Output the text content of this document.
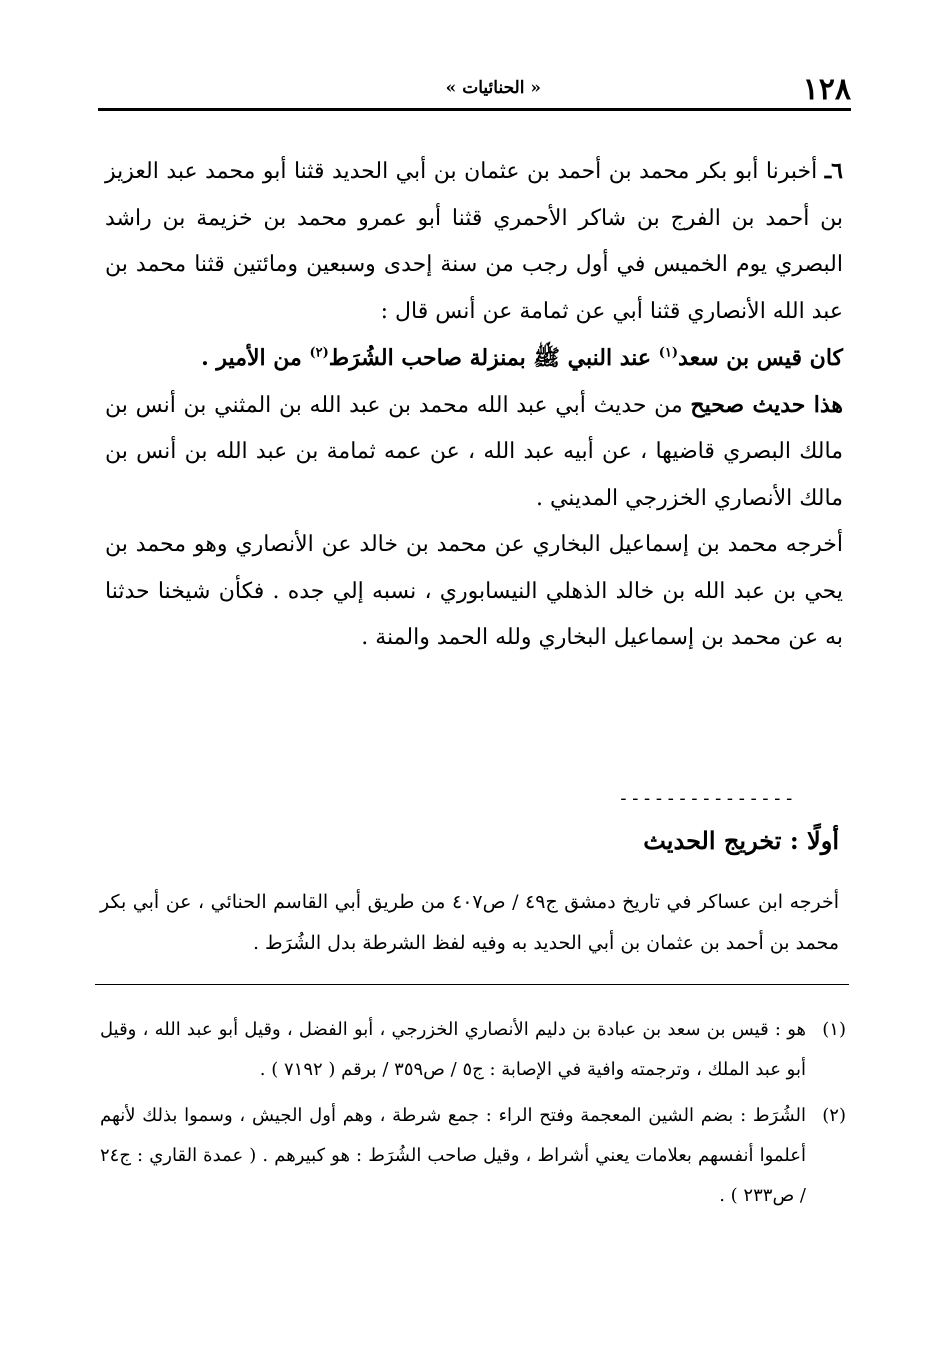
١٢٨
« الحنائيات »

٦ـ أخبرنا أبو بكر محمد بن أحمد بن عثمان بن أبي الحديد قثنا أبو محمد عبد العزيز بن أحمد بن الفرج بن شاكر الأحمري قثنا أبو عمرو محمد بن خزيمة بن راشد البصري يوم الخميس في أول رجب من سنة إحدى وسبعين ومائتين قثنا محمد بن عبد الله الأنصاري قثنا أبي عن ثمامة عن أنس قال :

كان قيس بن سعد$^{(١)}$ عند النبي ﷺ بمنزلة صاحب الشُرَط$^{(٢)}$ من الأمير .

هذا حديث صحيح من حديث أبي عبد الله محمد بن عبد الله بن المثني بن أنس بن مالك البصري قاضيها ، عن أبيه عبد الله ، عن عمه ثمامة بن عبد الله بن أنس بن مالك الأنصاري الخزرجي المديني .

أخرجه محمد بن إسماعيل البخاري عن محمد بن خالد عن الأنصاري وهو محمد بن يحي بن عبد الله بن خالد الذهلي النيسابوري ، نسبه إلي جده . فكأن شيخنا حدثنا به عن محمد بن إسماعيل البخاري ولله الحمد والمنة .

---------------
أولًا : تخريج الحديث

أخرجه ابن عساكر في تاريخ دمشق ج٤٩ / ص٤٠٧ من طريق أبي القاسم الحنائي ، عن أبي بكر محمد بن أحمد بن عثمان بن أبي الحديد به وفيه لفظ الشرطة بدل الشُرَط .

(١)

هو : قيس بن سعد بن عبادة بن دليم الأنصاري الخزرجي ، أبو الفضل ، وقيل أبو عبد الله ، وقيل أبو عبد الملك ، وترجمته وافية في الإصابة : ج٥ / ص٣٥٩ / برقم ( ٧١٩٢ ) .

(٢)

الشُرَط : بضم الشين المعجمة وفتح الراء : جمع شرطة ، وهم أول الجيش ، وسموا بذلك لأنهم أعلموا أنفسهم بعلامات يعني أشراط ، وقيل صاحب الشُرَط : هو كبيرهم . ( عمدة القاري : ج٢٤ / ص٢٣٣ ) .
